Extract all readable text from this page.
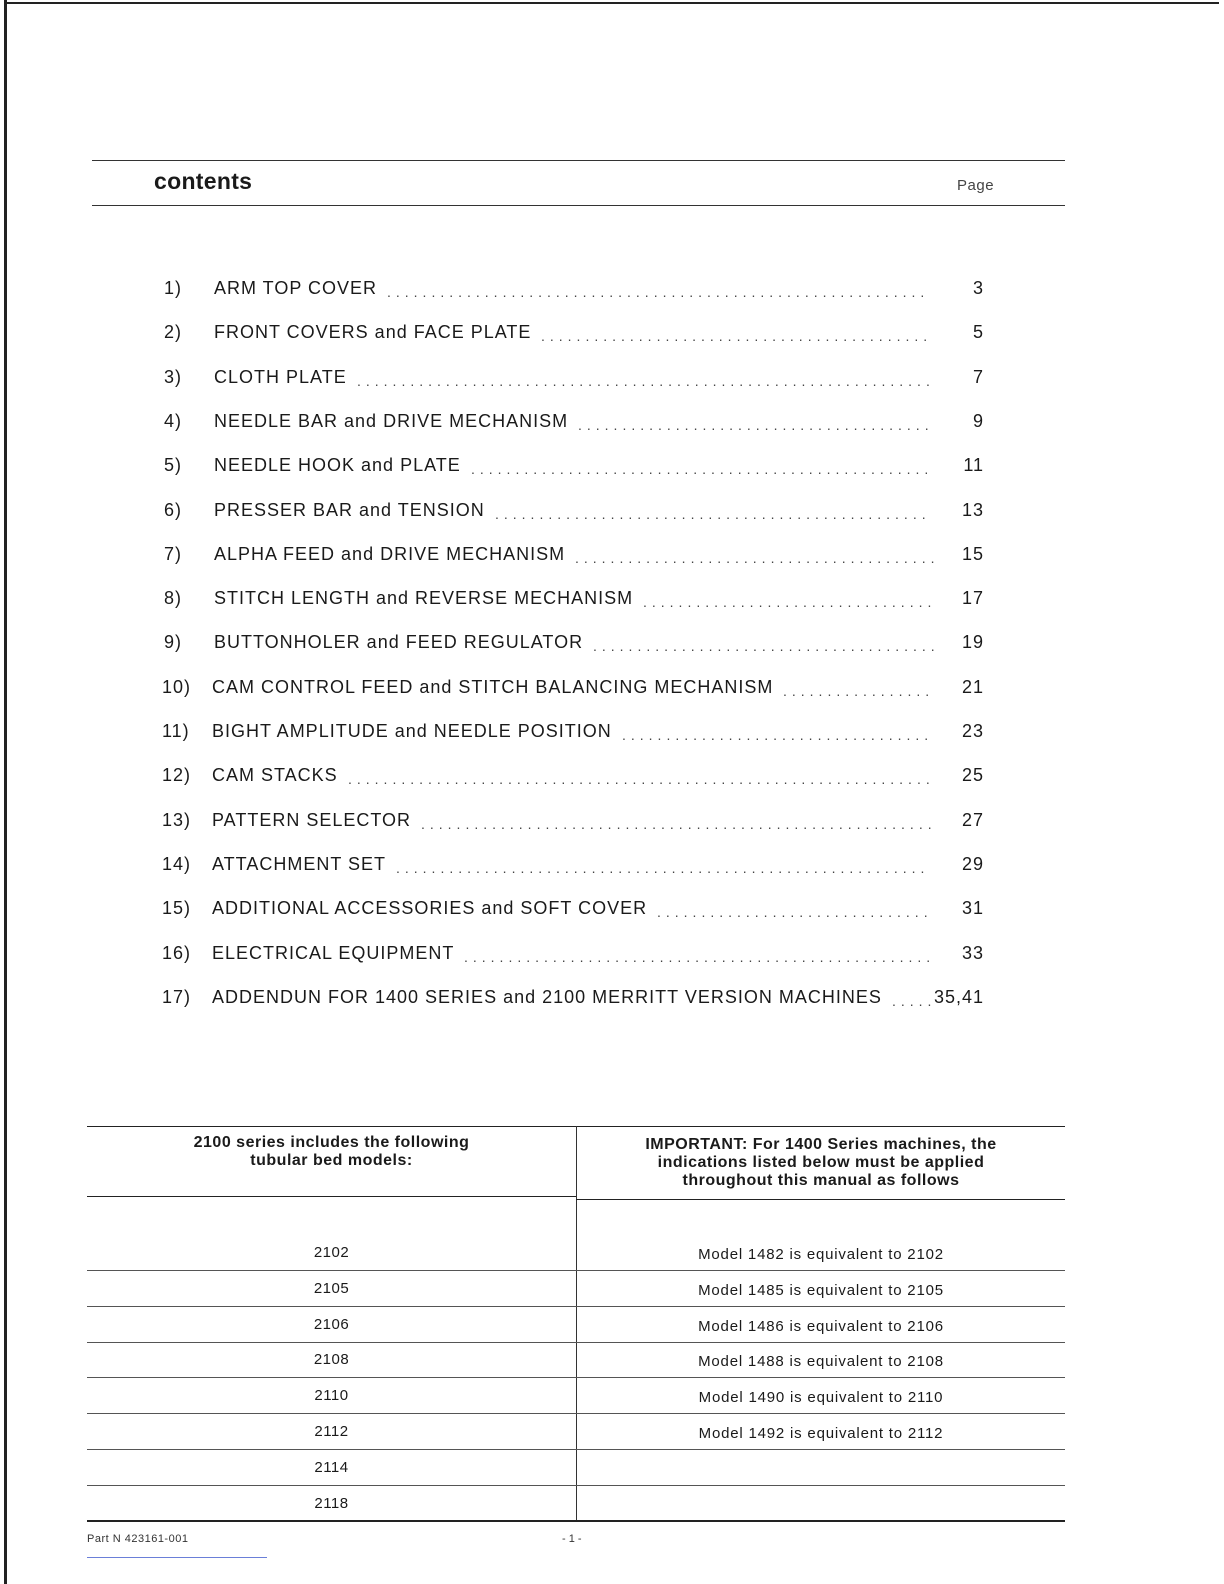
contents	Page
1) ARM TOP COVER ............................................................. 3
2) FRONT COVERS and FACE PLATE ............................................ 5
3) CLOTH PLATE ................................................................. 7
4) NEEDLE BAR and DRIVE MECHANISM ........................................ 9
5) NEEDLE HOOK and PLATE .................................................... 11
6) PRESSER BAR and TENSION ................................................. 13
7) ALPHA FEED and DRIVE MECHANISM ......................................... 15
8) STITCH LENGTH and REVERSE MECHANISM ................................. 17
9) BUTTONHOLER and FEED REGULATOR ....................................... 19
10) CAM CONTROL FEED and STITCH BALANCING MECHANISM ................. 21
11) BIGHT AMPLITUDE and NEEDLE POSITION ................................... 23
12) CAM STACKS .................................................................. 25
13) PATTERN SELECTOR .......................................................... 27
14) ATTACHMENT SET ............................................................ 29
15) ADDITIONAL ACCESSORIES and SOFT COVER ............................... 31
16) ELECTRICAL EQUIPMENT ..................................................... 33
17) ADDENDUN FOR 1400 SERIES and 2100 MERRITT VERSION MACHINES .....
35,41
2100 series includes the following
tubular bed models:
IMPORTANT: For 1400 Series machines, the
indications listed below must be applied
throughout this manual as follows
2102
2105
2106
2108
2110
2112
2114
2118
Model 1482 is equivalent to 2102
Model 1485 is equivalent to 2105
Model 1486 is equivalent to 2106
Model 1488 is equivalent to 2108
Model 1490 is equivalent to 2110
Model 1492 is equivalent to 2112
Part N 423161-001	- 1 -
